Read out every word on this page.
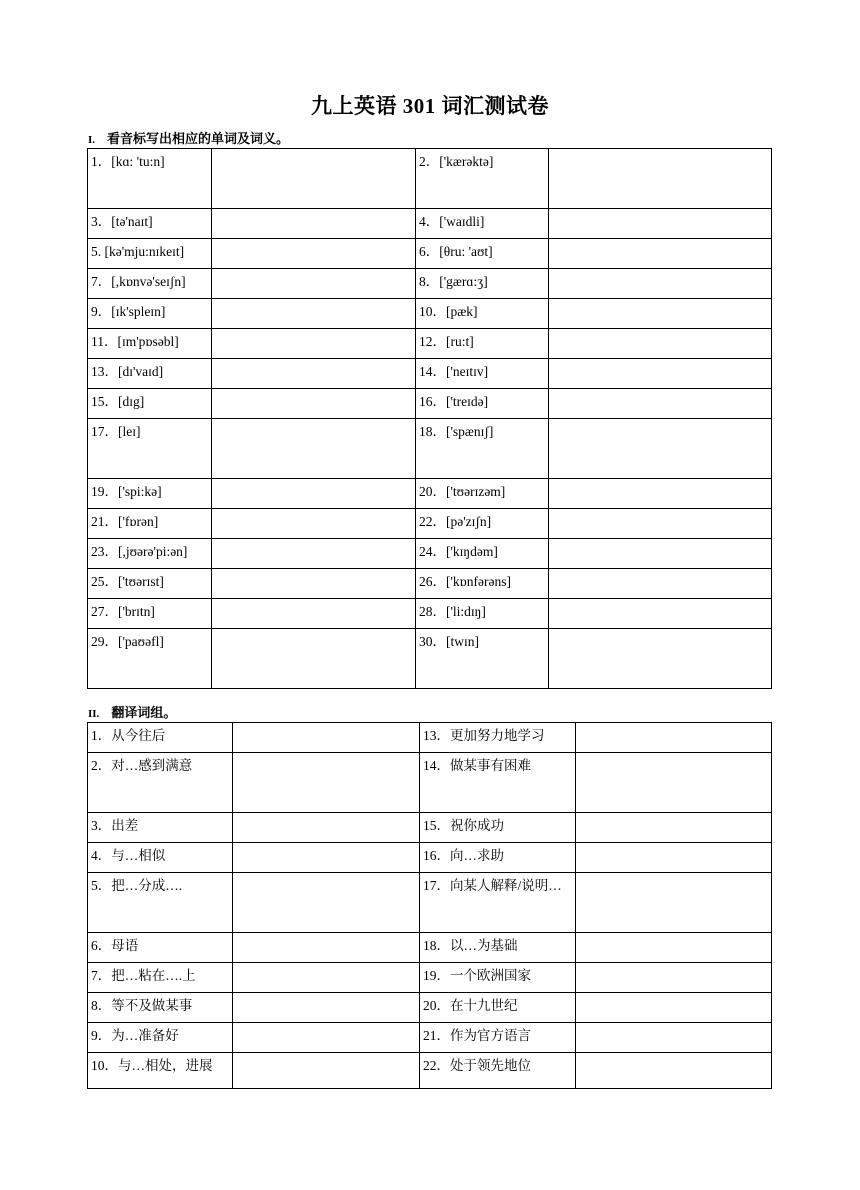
九上英语 301 词汇测试卷
I. 看音标写出相应的单词及词义。
1．[kɑ: 'tu:n]		2．['kærəktə]	
3．[tə'naɪt]		4．['waɪdli]	
5. [kə'mju:nɪkeɪt]		6．[θru: 'aʊt]	
7．[,kɒnvə'seɪʃn]		8．['gærɑ:ʒ]	
9．[ɪk'spleɪn]		10．[pæk]	
11．[ɪm'pɒsəbl]		12．[ru:t]	
13．[dɪ'vaɪd]		14．['neɪtɪv]	
15．[dɪg]		16．['treɪdə]	
17．[leɪ]		18．['spænɪʃ]	
19．['spi:kə]		20．['tʊərɪzəm]	
21．['fɒrən]		22．[pə'zɪʃn]	
23．[,jʊərə'pi:ən]		24．['kɪŋdəm]	
25．['tʊərɪst]		26．['kɒnfərəns]	
27．['brɪtn]		28．['li:dɪŋ]	
29．['paʊəfl]		30．[twɪn]	
II. 翻译词组。
1．从今往后		13．更加努力地学习	
2．对…感到满意		14．做某事有困难	
3．出差		15．祝你成功	
4．与…相似		16．向…求助	
5．把…分成….		17．向某人解释/说明…	
6．母语		18．以…为基础	
7．把…粘在….上		19．一个欧洲国家	
8．等不及做某事		20．在十九世纪	
9．为…准备好		21．作为官方语言	
10．与…相处，进展		22．处于领先地位	
